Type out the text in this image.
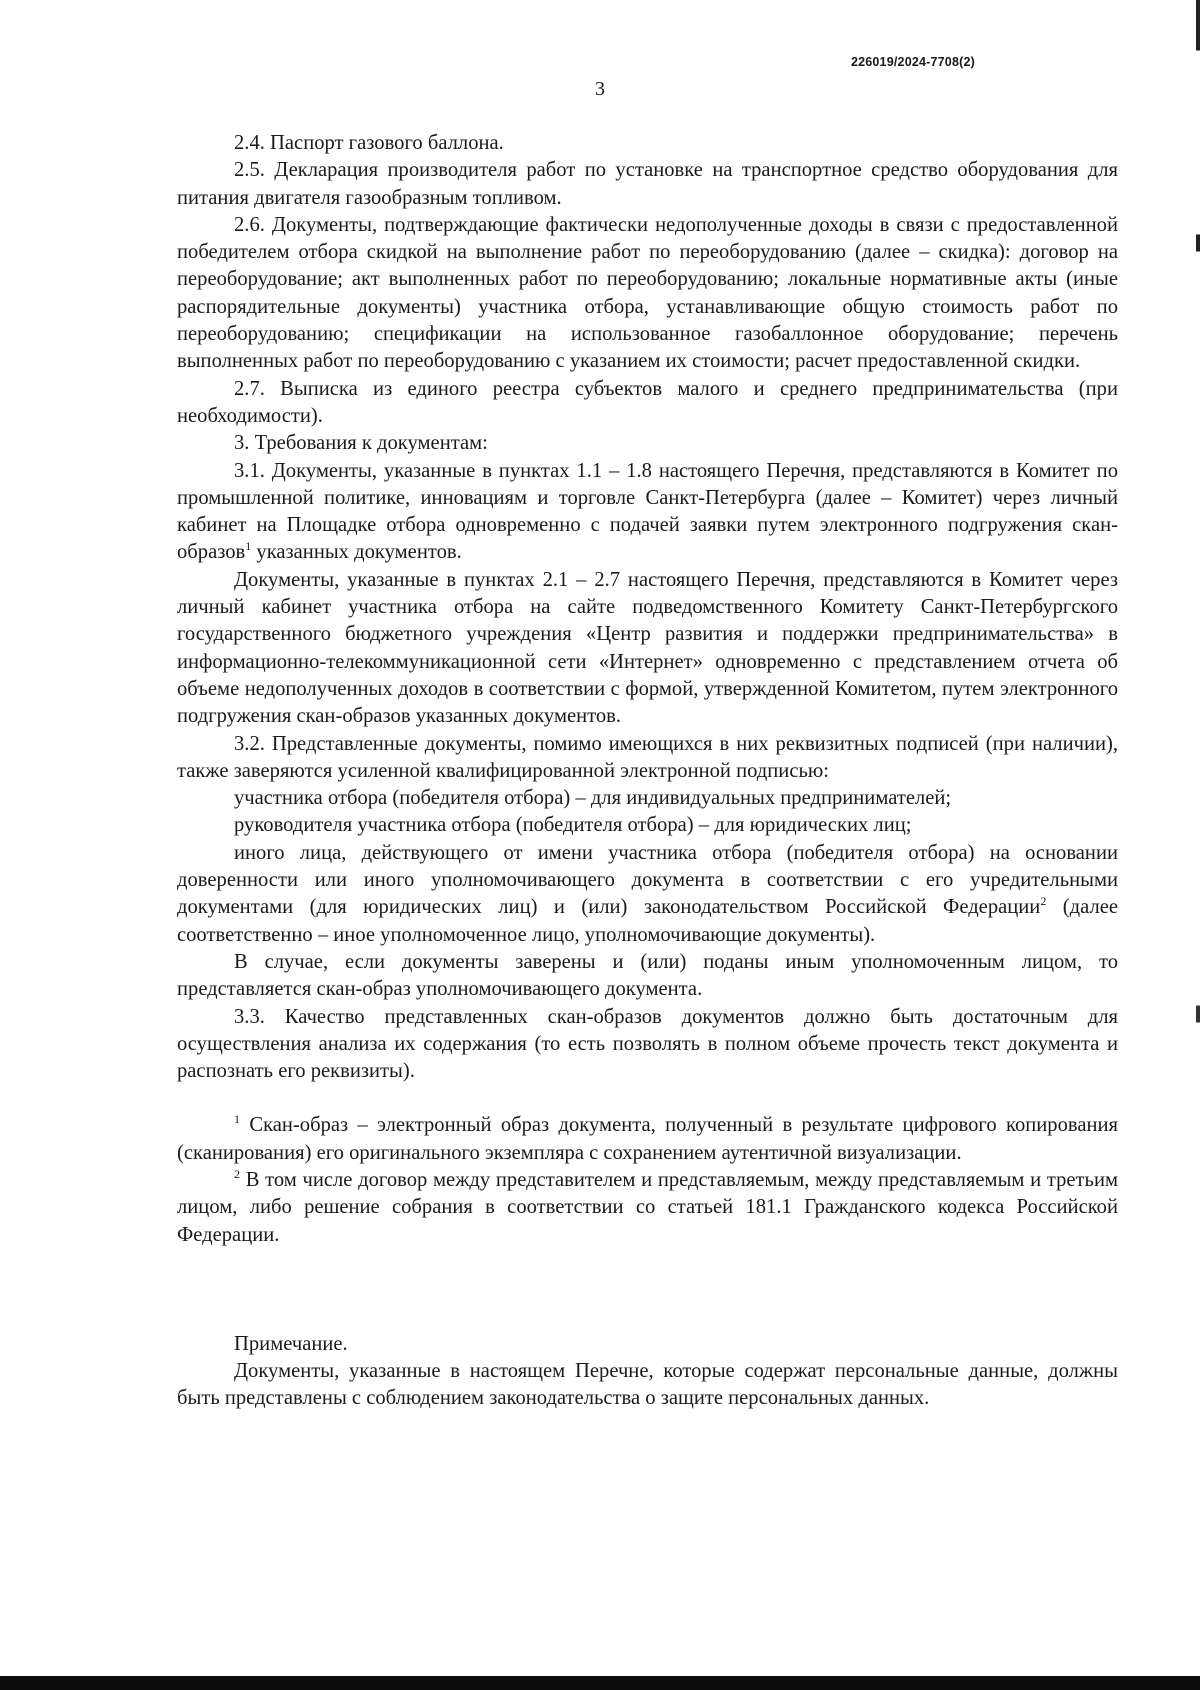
226019/2024-7708(2)
3

2.4. Паспорт газового баллона.

2.5. Декларация производителя работ по установке на транспортное средство оборудования для питания двигателя газообразным топливом.

2.6. Документы, подтверждающие фактически недополученные доходы в связи с предоставленной победителем отбора скидкой на выполнение работ по переоборудованию (далее – скидка): договор на переоборудование; акт выполненных работ по переоборудованию; локальные нормативные акты (иные распорядительные документы) участника отбора, устанавливающие общую стоимость работ по переоборудованию; спецификации на использованное газобаллонное оборудование; перечень выполненных работ по переоборудованию с указанием их стоимости; расчет предоставленной скидки.

2.7. Выписка из единого реестра субъектов малого и среднего предпринимательства (при необходимости).

3. Требования к документам:

3.1. Документы, указанные в пунктах 1.1 – 1.8 настоящего Перечня, представляются в Комитет по промышленной политике, инновациям и торговле Санкт-Петербурга (далее – Комитет) через личный кабинет на Площадке отбора одновременно с подачей заявки путем электронного подгружения скан-образов$^1$ указанных документов.

Документы, указанные в пунктах 2.1 – 2.7 настоящего Перечня, представляются в Комитет через личный кабинет участника отбора на сайте подведомственного Комитету Санкт-Петербургского государственного бюджетного учреждения «Центр развития и поддержки предпринимательства» в информационно-телекоммуникационной сети «Интернет» одновременно с представлением отчета об объеме недополученных доходов в соответствии с формой, утвержденной Комитетом, путем электронного подгружения скан-образов указанных документов.

3.2. Представленные документы, помимо имеющихся в них реквизитных подписей (при наличии), также заверяются усиленной квалифицированной электронной подписью:

участника отбора (победителя отбора) – для индивидуальных предпринимателей;

руководителя участника отбора (победителя отбора) – для юридических лиц;

иного лица, действующего от имени участника отбора (победителя отбора) на основании доверенности или иного уполномочивающего документа в соответствии с его учредительными документами (для юридических лиц) и (или) законодательством Российской Федерации$^2$ (далее соответственно – иное уполномоченное лицо, уполномочивающие документы).

В случае, если документы заверены и (или) поданы иным уполномоченным лицом, то представляется скан-образ уполномочивающего документа.

3.3. Качество представленных скан-образов документов должно быть достаточным для осуществления анализа их содержания (то есть позволять в полном объеме прочесть текст документа и распознать его реквизиты).

$^1$ Скан-образ – электронный образ документа, полученный в результате цифрового копирования (сканирования) его оригинального экземпляра с сохранением аутентичной визуализации.

$^2$ В том числе договор между представителем и представляемым, между представляемым и третьим лицом, либо решение собрания в соответствии со статьей 181.1 Гражданского кодекса Российской Федерации.

Примечание.

Документы, указанные в настоящем Перечне, которые содержат персональные данные, должны быть представлены с соблюдением законодательства о защите персональных данных.
